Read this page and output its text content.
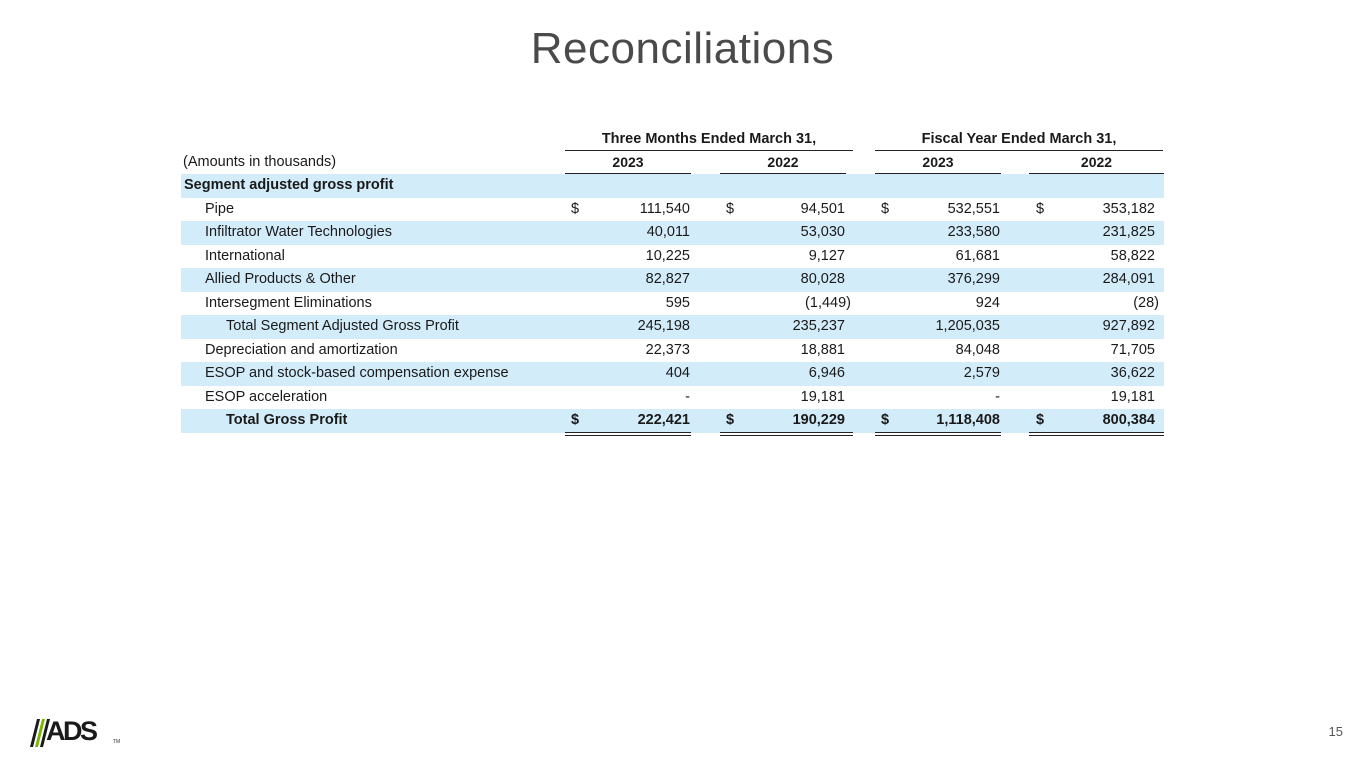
Reconciliations
Three Months Ended March 31,	Fiscal Year Ended March 31,
(Amounts in thousands)	2023	2022	2023	2022
Segment adjusted gross profit
Pipe	$	111,540 $	94,501 $	532,551 $	353,182
Infiltrator Water Technologies	40,011	53,030	233,580	231,825
International	10,225	9,127	61,681	58,822
Allied Products & Other	82,827	80,028	376,299	284,091
Intersegment Eliminations	595	(1,449)	924	(28)
Total Segment Adjusted Gross Profit	245,198	235,237	1,205,035	927,892
Depreciation and amortization	22,373	18,881	84,048	71,705
ESOP and stock-based compensation expense	404	6,946	2,579	36,622
ESOP acceleration	-	19,181	-	19,181
Total Gross Profit	$	222,421 $	190,229 $	1,118,408 $	800,384
ADS	TM
15
